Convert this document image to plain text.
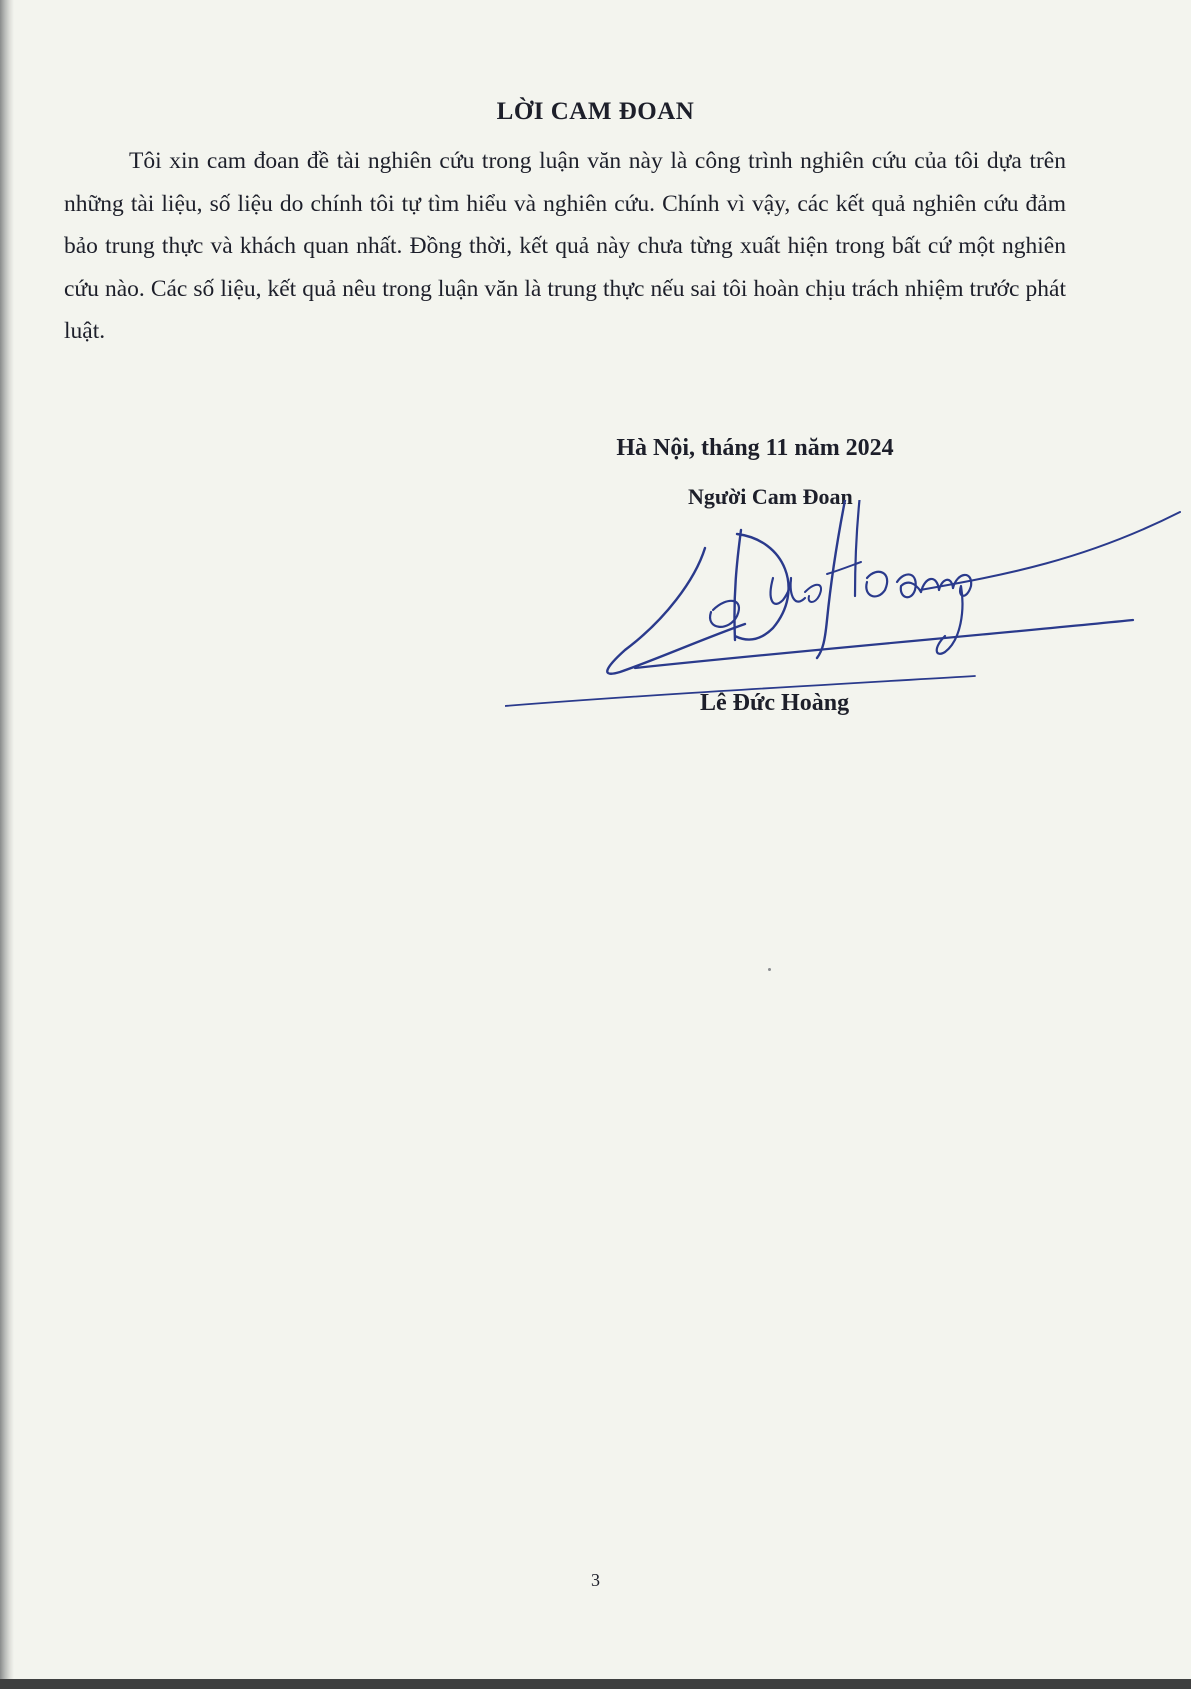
LỜI CAM ĐOAN

Tôi xin cam đoan đề tài nghiên cứu trong luận văn này là công trình nghiên cứu của tôi dựa trên những tài liệu, số liệu do chính tôi tự tìm hiểu và nghiên cứu. Chính vì vậy, các kết quả nghiên cứu đảm bảo trung thực và khách quan nhất. Đồng thời, kết quả này chưa từng xuất hiện trong bất cứ một nghiên cứu nào. Các số liệu, kết quả nêu trong luận văn là trung thực nếu sai tôi hoàn chịu trách nhiệm trước phát luật.

Hà Nội, tháng 11 năm 2024
Người Cam Đoan
Lê Đức Hoàng
3
